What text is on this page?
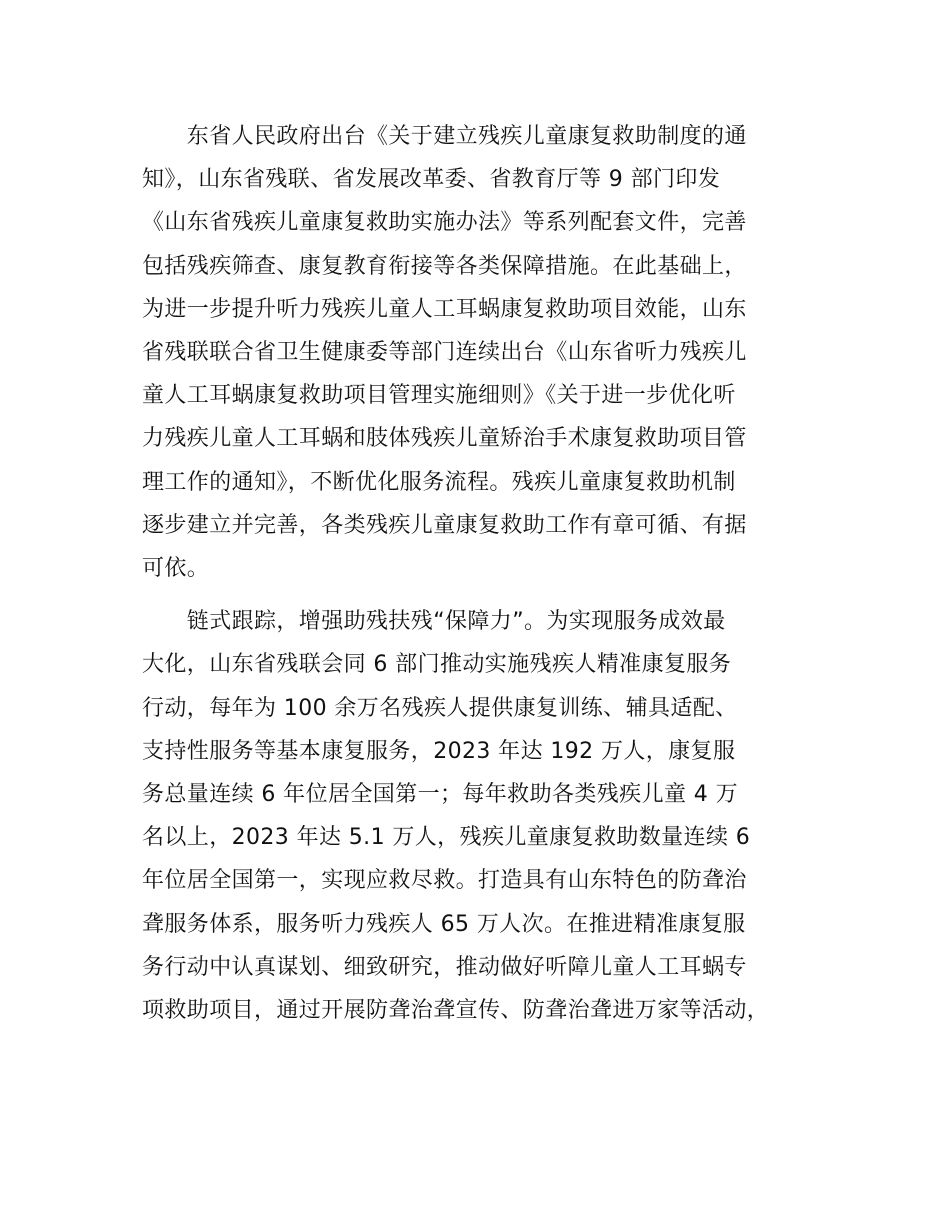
　　东省人民政府出台《关于建立残疾儿童康复救助制度的通
知》，山东省残联、省发展改革委、省教育厅等 9 部门印发
《山东省残疾儿童康复救助实施办法》等系列配套文件，完善
包括残疾筛查、康复教育衔接等各类保障措施。在此基础上，
为进一步提升听力残疾儿童人工耳蜗康复救助项目效能，山东
省残联联合省卫生健康委等部门连续出台《山东省听力残疾儿
童人工耳蜗康复救助项目管理实施细则》《关于进一步优化听
力残疾儿童人工耳蜗和肢体残疾儿童矫治手术康复救助项目管
理工作的通知》，不断优化服务流程。残疾儿童康复救助机制
逐步建立并完善，各类残疾儿童康复救助工作有章可循、有据
可依。

　　链式跟踪，增强助残扶残“保障力”。为实现服务成效最
大化，山东省残联会同 6 部门推动实施残疾人精准康复服务
行动，每年为 100 余万名残疾人提供康复训练、辅具适配、
支持性服务等基本康复服务，2023 年达 192 万人，康复服
务总量连续 6 年位居全国第一；每年救助各类残疾儿童 4 万
名以上，2023 年达 5.1 万人，残疾儿童康复救助数量连续 6
年位居全国第一，实现应救尽救。打造具有山东特色的防聋治
聋服务体系，服务听力残疾人 65 万人次。在推进精准康复服
务行动中认真谋划、细致研究，推动做好听障儿童人工耳蜗专
项救助项目，通过开展防聋治聋宣传、防聋治聋进万家等活动，
